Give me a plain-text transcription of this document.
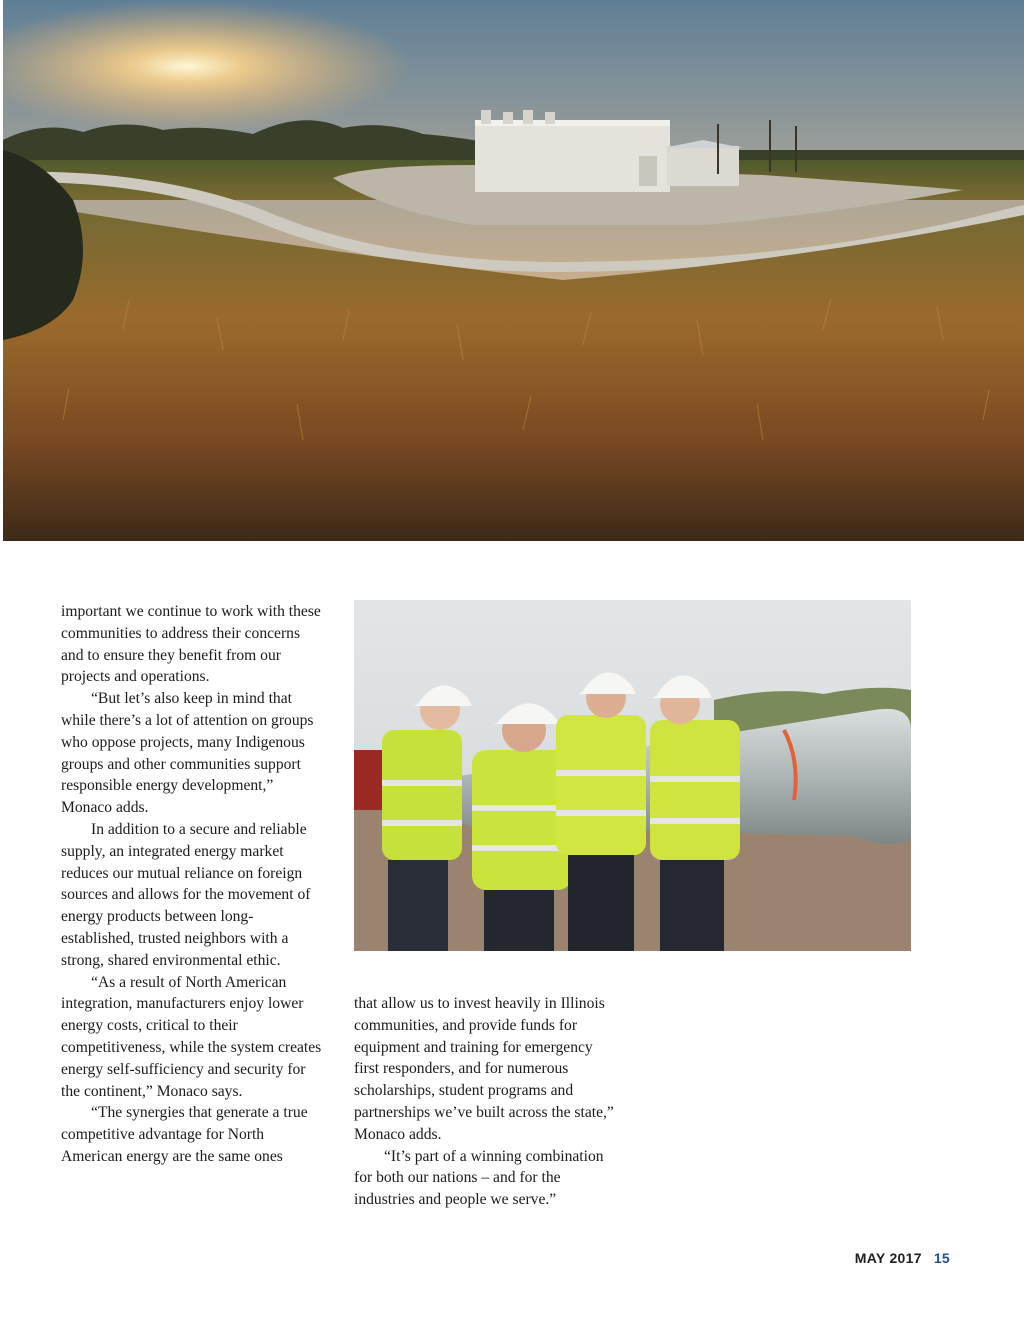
important we continue to work with these communities to address their concerns and to ensure they benefit from our projects and operations.

“But let’s also keep in mind that while there’s a lot of attention on groups who oppose projects, many Indigenous groups and other communities support responsible energy development,” Monaco adds.

In addition to a secure and reliable supply, an integrated energy market reduces our mutual reliance on foreign sources and allows for the movement of energy products between long-established, trusted neighbors with a strong, shared environmental ethic.

“As a result of North American integration, manufacturers enjoy lower energy costs, critical to their competitiveness, while the system creates energy self-sufficiency and security for the continent,” Monaco says.

“The synergies that generate a true competitive advantage for North American energy are the same ones

that allow us to invest heavily in Illinois communities, and provide funds for equipment and training for emergency first responders, and for numerous scholarships, student programs and partnerships we’ve built across the state,” Monaco adds.

“It’s part of a winning combination for both our nations – and for the industries and people we serve.”

MAY 2017 15
